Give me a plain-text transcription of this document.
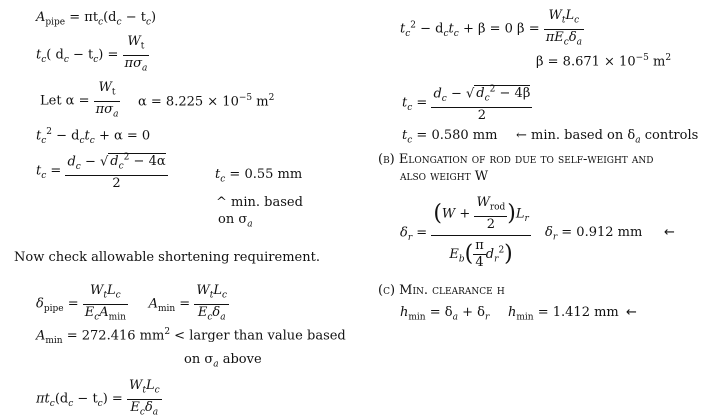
$A_{pipe} = \pi t_c(d_c - t_c)$
$t_c$( $d_c - t_c) = \frac{W_t}{\pi\sigma_a}$
Let $\alpha = \frac{W_t}{\pi\sigma_a}$ $\alpha = 8.225 \times 10^{-5}$ $m^2$
$t_c^2 - d_ct_c + \alpha = 0$
$t_c = \frac{d_c - √ d_c^2 - 4\alpha}{2}$	$t_c = 0.55$ mm
^ min. based
on $\sigma_a$
Now check allowable shortening requirement.
$\delta_{pipe} = \frac{W_tL_c}{E_cA_{min}} A_{min} = \frac{W_tL_c}{E_c\delta_a}$
$A_{min} = 272.416$ $mm^2$ < larger than value based
on $\sigma_a$ above
$\pi t_c(d_c - t_c) = \frac{W_tL_c}{E_c\delta_a}$
$t_c^2 - d_ct_c + \beta = 0$ $\beta = \frac{W_tL_c}{\pi E_c\delta_a}$
$\beta = 8.671 \times 10^{-5}$ $m^2$
$t_c = \frac{d_c - √ d_c^2 - 4\beta}{2}$
$t_c = 0.580$ mm ← min. based on $\delta_a$ controls
(b) Elongation of rod due to self-weight and
also weight W
$\delta_r = \frac{(W + \frac{W_{rod}}{2} )L_r}{E_b( \frac{\pi}{4} d_r^2)} \delta_r = 0.912$ mm ←
(c) Min. clearance h
$h_{min} = \delta_a + \delta_r$ $h_{min} = 1.412$ mm ←
